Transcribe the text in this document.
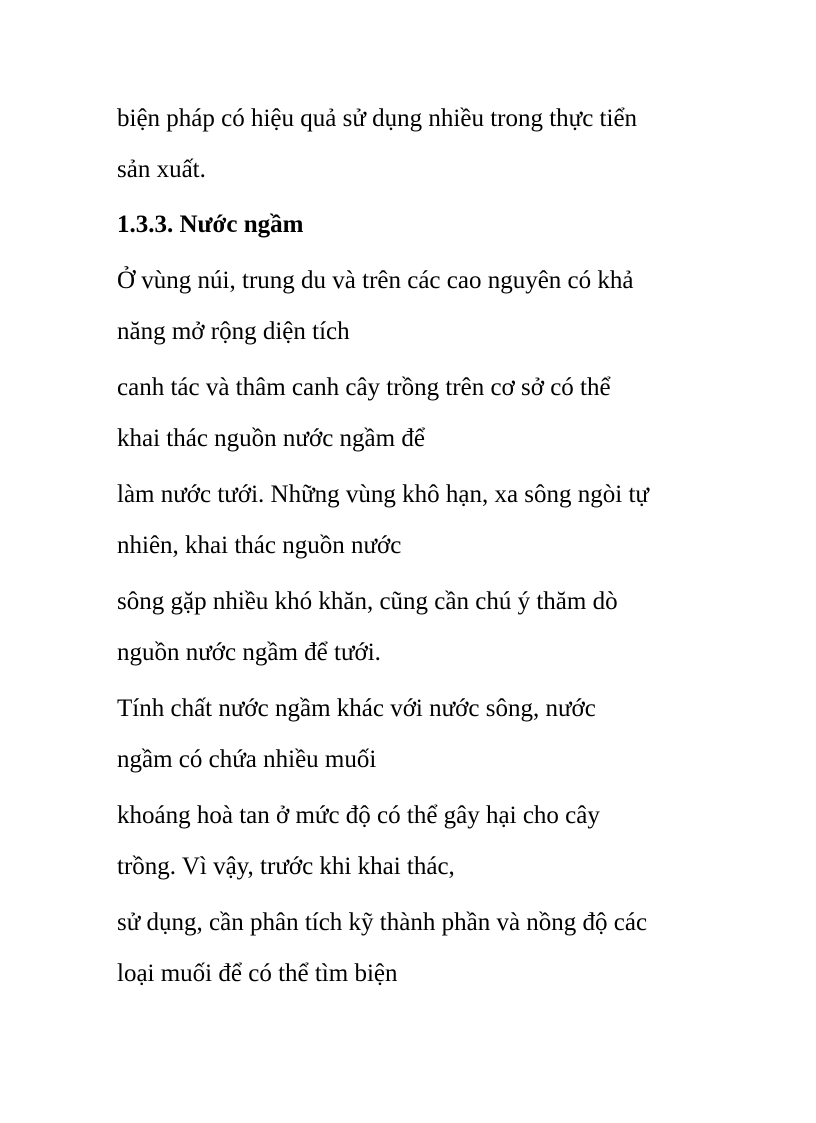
biện pháp có hiệu quả sử dụng nhiều trong thực tiển

sản xuất.

1.3.3. Nước ngầm

Ở vùng núi, trung du và trên các cao nguyên có khả

năng mở rộng diện tích

canh tác và thâm canh cây trồng trên cơ sở có thể

khai thác nguồn nước ngầm để

làm nước tưới. Những vùng khô hạn, xa sông ngòi tự

nhiên, khai thác nguồn nước

sông gặp nhiều khó khăn, cũng cần chú ý thăm dò

nguồn nước ngầm để tưới.

Tính chất nước ngầm khác với nước sông, nước

ngầm có chứa nhiều muối

khoáng hoà tan ở mức độ có thể gây hại cho cây

trồng. Vì vậy, trước khi khai thác,

sử dụng, cần phân tích kỹ thành phần và nồng độ các

loại muối để có thể tìm biện
